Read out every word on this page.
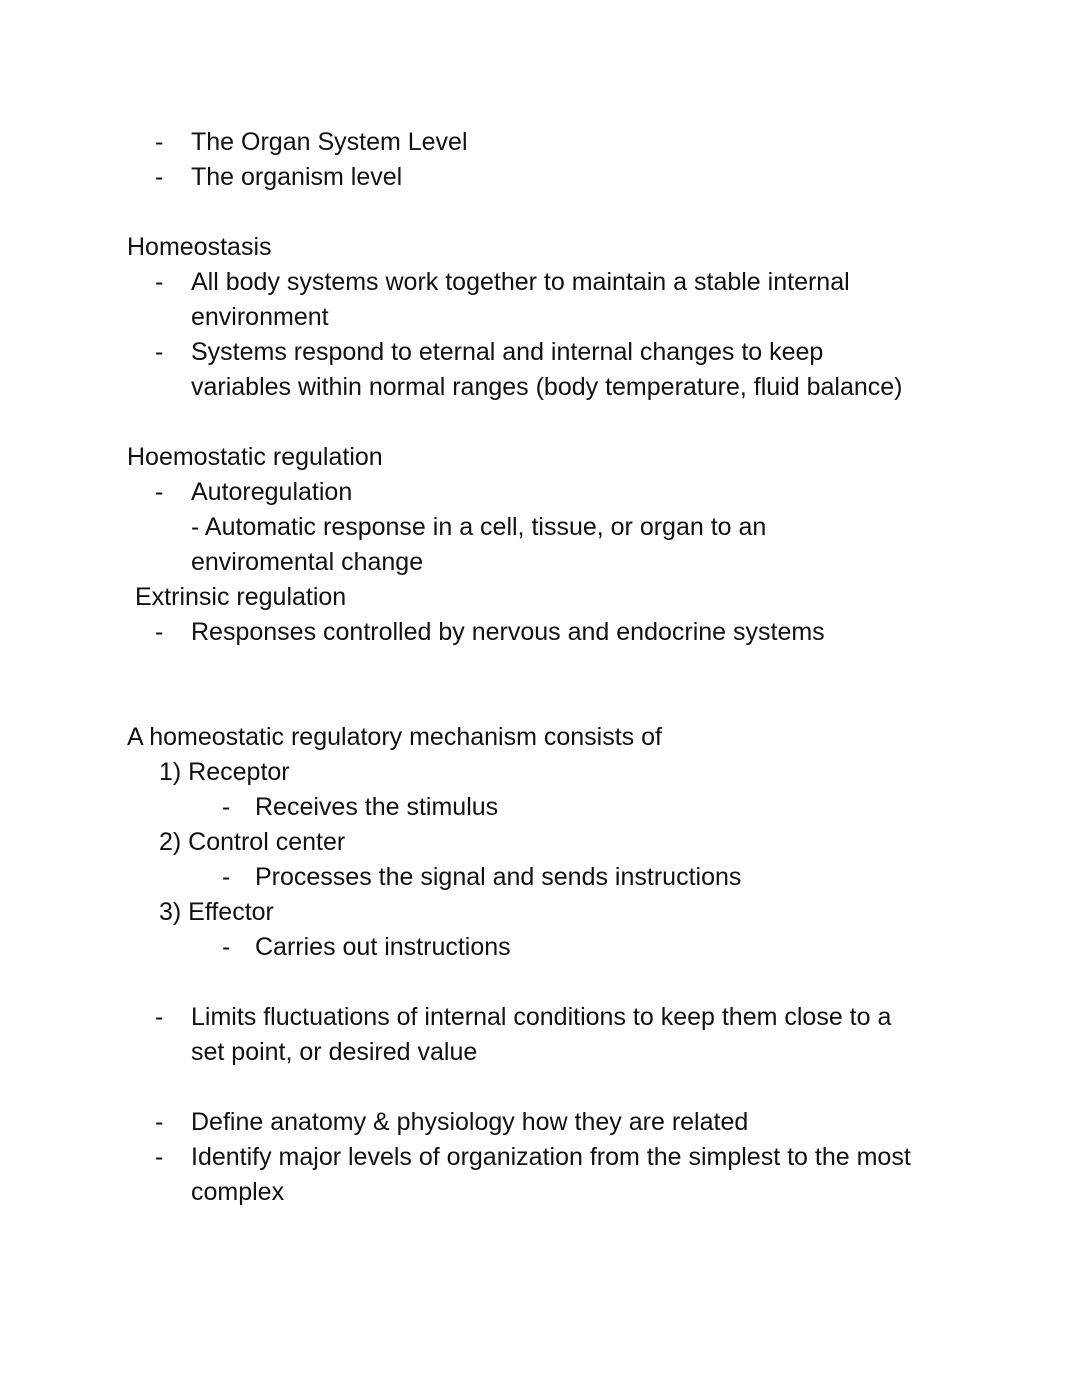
- The Organ System Level
- The organism level
Homeostasis
- All body systems work together to maintain a stable internal
environment
- Systems respond to eternal and internal changes to keep
variables within normal ranges (body temperature, fluid balance)
Hoemostatic regulation
- Autoregulation
- Automatic response in a cell, tissue, or organ to an
enviromental change
Extrinsic regulation
- Responses controlled by nervous and endocrine systems
A homeostatic regulatory mechanism consists of
1) Receptor
- Receives the stimulus
2) Control center
- Processes the signal and sends instructions
3) Effector
- Carries out instructions
- Limits fluctuations of internal conditions to keep them close to a
set point, or desired value
- Define anatomy & physiology how they are related
- Identify major levels of organization from the simplest to the most
complex
